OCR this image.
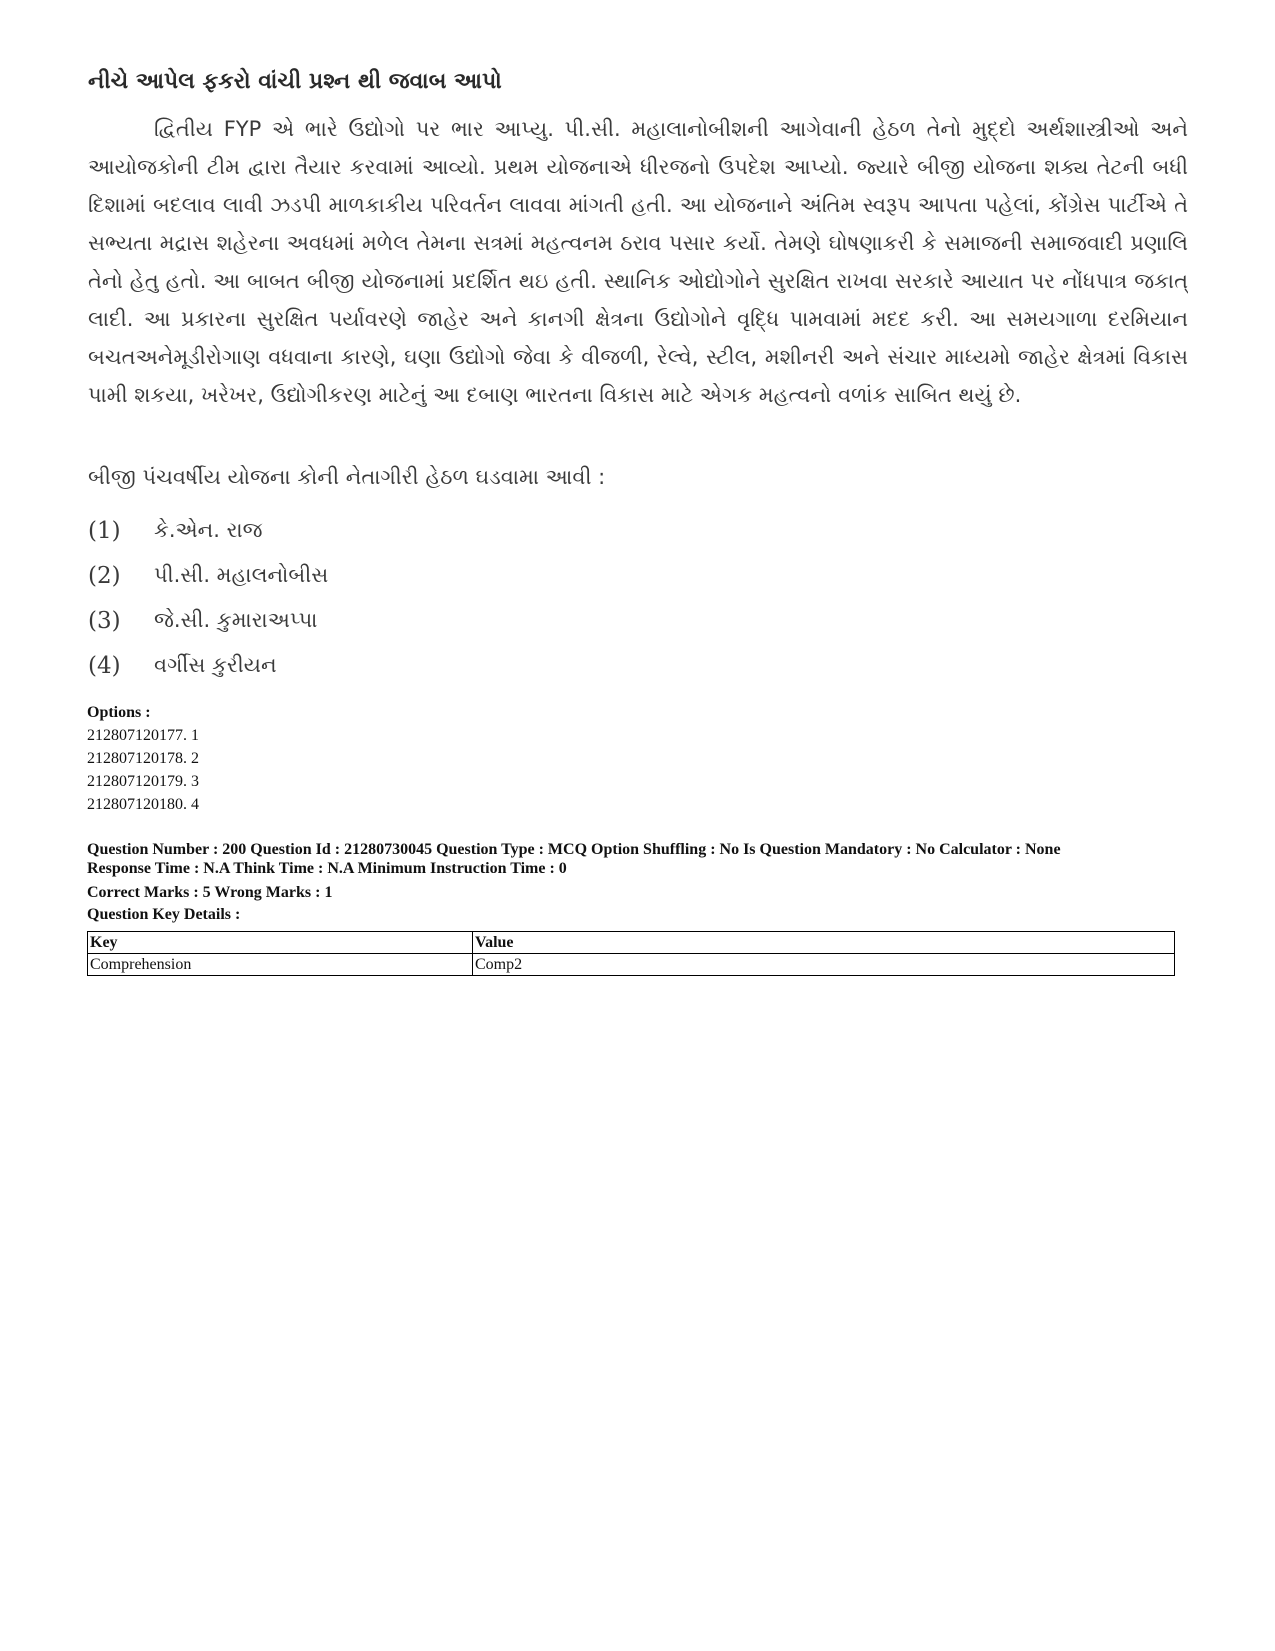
નીચે આપેલ ફકરો વાંચી પ્રશ્ન થી જવાબ આપો
દ્વિતીય FYP એ ભારે ઉદ્યોગો પર ભાર આપ્યુ. પી.સી. મહાલાનોબીશની આગેવાની હેઠળ તેનો મુદ્દો અર્થશાસ્ત્રીઓ અને આયોજકોની ટીમ દ્વારા તૈયાર કરવામાં આવ્યો. પ્રથમ યોજનાએ ધીરજનો ઉપદેશ આપ્યો. જ્યારે બીજી યોજના શક્ય તેટની બધી દિશામાં બદલાવ લાવી ઝડપી માળકાકીય પરિવર્તન લાવવા માંગતી હતી. આ યોજનાને અંતિમ સ્વરૂપ આપતા પહેલાં, કોંગ્રેસ પાર્ટીએ તે સભ્યતા મદ્રાસ શહેરના અવધમાં મળેલ તેમના સત્રમાં મહત્વનમ ઠરાવ પસાર કર્યો. તેમણે ઘોષણાકરી કે સમાજની સમાજવાદી પ્રણાલિ તેનો હેતુ હતો. આ બાબત બીજી યોજનામાં પ્રદર્શિત થઇ હતી. સ્થાનિક ઓદ્યોગોને સુરક્ષિત રાખવા સરકારે આયાત પર નોંધપાત્ર જકાત્ લાદી. આ પ્રકારના સુરક્ષિત પર્યાવરણે જાહેર અને કાનગી ક્ષેત્રના ઉદ્યોગોને વૃદ્ધિ પામવામાં મદદ કરી. આ સમયગાળા દરમિયાન બચતઅનેમૂડીરોગાણ વધવાના કારણે, ઘણા ઉદ્યોગો જેવા કે વીજળી, રેલ્વે, સ્ટીલ, મશીનરી અને સંચાર માધ્યમો જાહેર ક્ષેત્રમાં વિકાસ પામી શકયા, ખરેખર, ઉદ્યોગીકરણ માટેનું આ દબાણ ભારતના વિકાસ માટે એગક મહત્વનો વળાંક સાબિત થયું છે.
બીજી પંચવર્ષીય યોજના કોની નેતાગીરી હેઠળ ઘડવામા આવી :
(1)	કે.એન. રાજ
(2)	પી.સી. મહાલનોબીસ
(3)	જે.સી. કુમારાઅપ્પા
(4)	વર્ગીસ કુરીયન

Options :

212807120177. 1

212807120178. 2

212807120179. 3

212807120180. 4

Question Number : 200 Question Id : 21280730045 Question Type : MCQ Option Shuffling : No Is Question Mandatory : No Calculator : None

Response Time : N.A Think Time : N.A Minimum Instruction Time : 0

Correct Marks : 5 Wrong Marks : 1

Question Key Details :

Key	Value
Comprehension	Comp2
